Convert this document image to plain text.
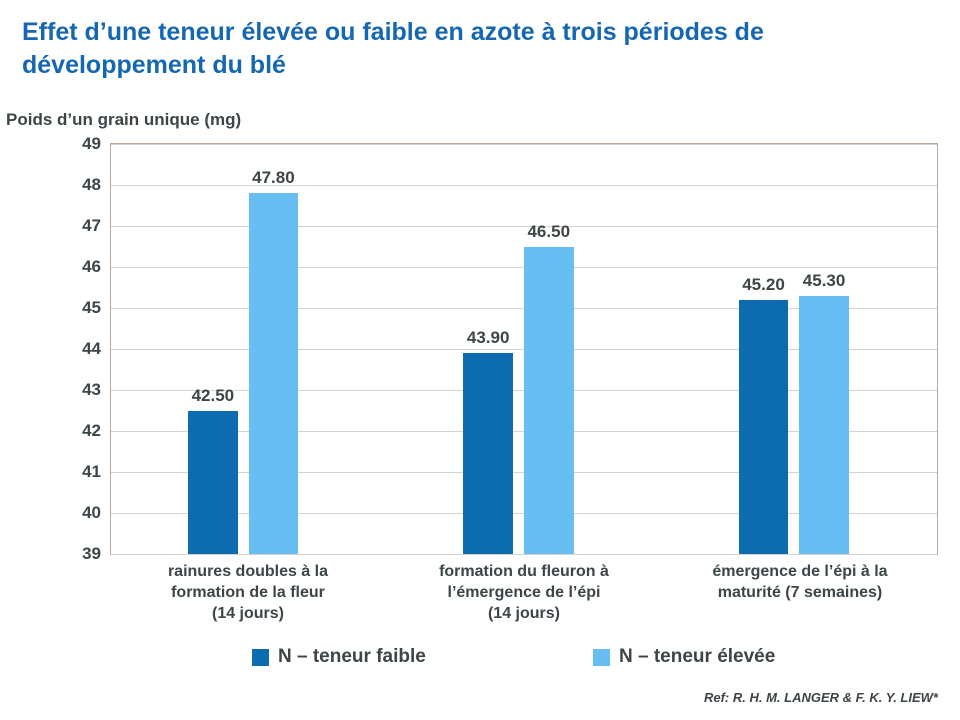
Effet d’une teneur élevée ou faible en azote à trois périodes de développement du blé
Poids d’un grain unique (mg)
39
40
41
42
43
44
45
46
47
48
49
42.50
47.80
43.90
46.50
45.20 45.30
rainures doubles à la
formation de la fleur
(14 jours)
formation du fleuron à
l’émergence de l’épi
(14 jours)
émergence de l’épi à la
maturité (7 semaines)
N – teneur faible	N – teneur élevée
Ref: R. H. M. LANGER & F. K. Y. LIEW*
